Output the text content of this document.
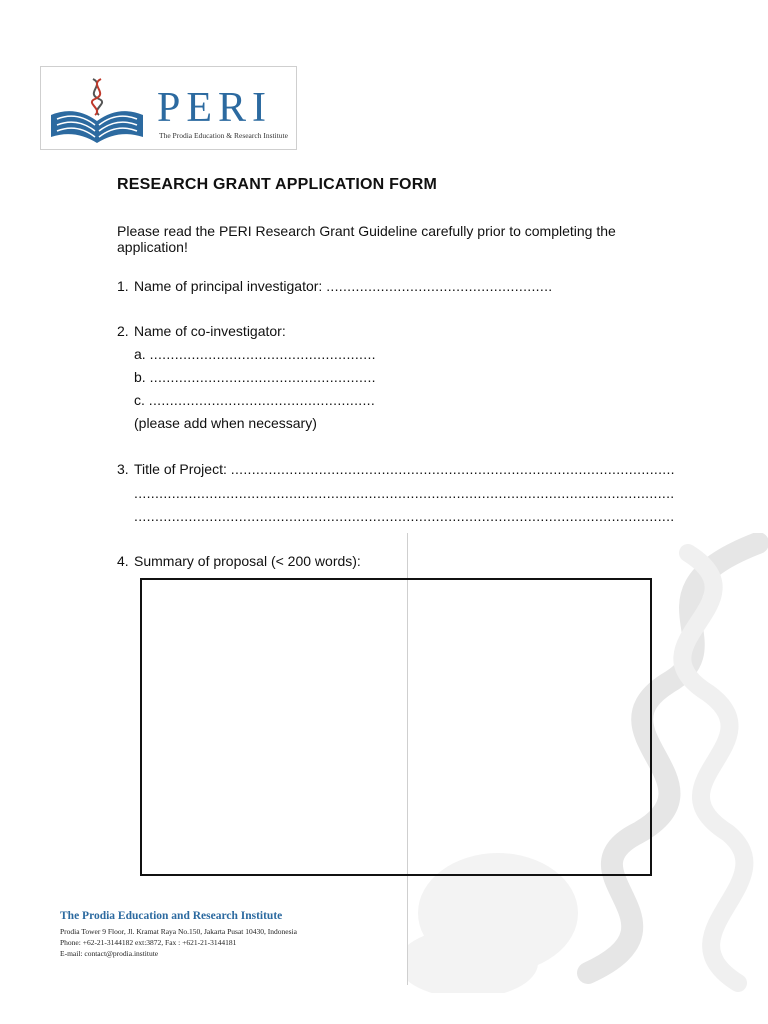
PERI
The Prodia Education & Research Institute
RESEARCH GRANT APPLICATION FORM
Please read the PERI Research Grant Guideline carefully prior to completing the application!
1. Name of principal investigator: ......................................................
2. Name of co-investigator:
a. ......................................................
b. ......................................................
c. ......................................................
(please add when necessary)
3. Title of Project: ..........................................................................................................
.................................................................................................................................
.................................................................................................................................
4. Summary of proposal (< 200 words):
The Prodia Education and Research Institute
Prodia Tower 9 Floor, Jl. Kramat Raya No.150, Jakarta Pusat 10430, Indonesia
Phone: +62-21-3144182 ext:3872, Fax : +621-21-3144181
E-mail: contact@prodia.institute
